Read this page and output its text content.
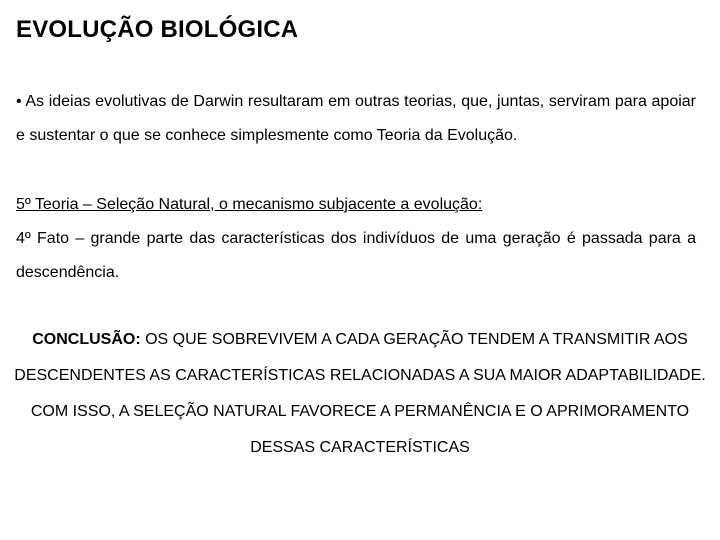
EVOLUÇÃO BIOLÓGICA
• As ideias evolutivas de Darwin resultaram em outras teorias, que, juntas, serviram para apoiar e sustentar o que se conhece simplesmente como Teoria da Evolução.
5º Teoria – Seleção Natural, o mecanismo subjacente a evolução:
4º Fato – grande parte das características dos indivíduos de uma geração é passada para a descendência.
CONCLUSÃO: OS QUE SOBREVIVEM A CADA GERAÇÃO TENDEM A TRANSMITIR AOS DESCENDENTES AS CARACTERÍSTICAS RELACIONADAS A SUA MAIOR ADAPTABILIDADE. COM ISSO, A SELEÇÃO NATURAL FAVORECE A PERMANÊNCIA E O APRIMORAMENTO DESSAS CARACTERÍSTICAS
